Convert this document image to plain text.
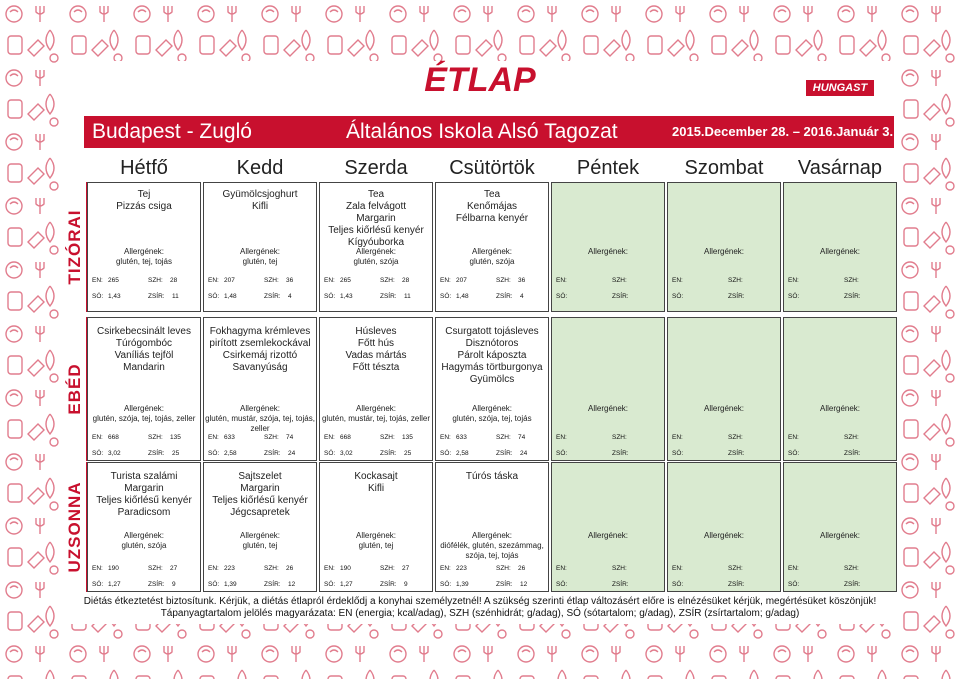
ÉTLAP	HUNGAST
Budapest - Zugló	Általános Iskola Alsó Tagozat	2015.December 28. – 2016.Január 3.
Hétfő	Kedd	Szerda	Csütörtök	Péntek	Szombat	Vasárnap
TIZÓRAI
Tej
Pizzás csiga
Allergének:
glutén, tej, tojás
EN: 265	SZH: 28
SÓ: 1,43	ZSÍR: 11
Gyümölcsjoghurt
Kifli
Allergének:
glutén, tej
EN: 207	SZH: 36
SÓ: 1,48	ZSÍR: 4
Tea
Zala felvágott
Margarin
Teljes kiőrlésű kenyér
Kígyóuborka
Allergének:
glutén, szója
EN: 265	SZH: 28
SÓ: 1,43	ZSÍR: 11
Tea
Kenőmájas
Félbarna kenyér
Allergének:
glutén, szója
EN: 207	SZH: 36
SÓ: 1,48	ZSÍR: 4
Allergének:
EN:	SZH:
SÓ:	ZSÍR:
Allergének:
EN:	SZH:
SÓ:	ZSÍR:
Allergének:
EN:	SZH:
SÓ:	ZSÍR:
EBÉD
Csirkebecsinált leves
Túrógombóc
Vaníliás tejföl
Mandarin
Allergének:
glutén, szója, tej, tojás, zeller
EN: 668	SZH: 135
SÓ: 3,02	ZSÍR: 25
Fokhagyma krémleves
pirított zsemlekockával
Csirkemáj rizottó
Savanyúság
Allergének:
glutén, mustár, szója, tej, tojás,
zeller
EN: 633	SZH: 74
SÓ: 2,58	ZSÍR: 24
Húsleves
Főtt hús
Vadas mártás
Főtt tészta
Allergének:
glutén, mustár, tej, tojás, zeller
EN: 668	SZH: 135
SÓ: 3,02	ZSÍR: 25
Csurgatott tojásleves
Disznótoros
Párolt káposzta
Hagymás törtburgonya
Gyümölcs
Allergének:
glutén, szója, tej, tojás
EN: 633	SZH: 74
SÓ: 2,58	ZSÍR: 24
Allergének:
EN:	SZH:
SÓ:	ZSÍR:
Allergének:
EN:	SZH:
SÓ:	ZSÍR:
Allergének:
EN:	SZH:
SÓ:	ZSÍR:
UZSONNA
Turista szalámi
Margarin
Teljes kiőrlésű kenyér
Paradicsom
Allergének:
glutén, szója
EN: 190	SZH: 27
SÓ: 1,27	ZSÍR: 9
Sajtszelet
Margarin
Teljes kiőrlésű kenyér
Jégcsapretek
Allergének:
glutén, tej
EN: 223	SZH: 26
SÓ: 1,39	ZSÍR: 12
Kockasajt
Kifli
Allergének:
glutén, tej
EN: 190	SZH: 27
SÓ: 1,27	ZSÍR: 9
Túrós táska
Allergének:
diófélék, glutén, szezámmag,
szója, tej, tojás
EN: 223	SZH: 26
SÓ: 1,39	ZSÍR: 12
Allergének:
EN:	SZH:
SÓ:	ZSÍR:
Allergének:
EN:	SZH:
SÓ:	ZSÍR:
Allergének:
EN:	SZH:
SÓ:	ZSÍR:
Diétás étkeztetést biztosítunk. Kérjük, a diétás étlapról érdeklődj a konyhai személyzetnél! A szükség szerinti étlap változásért előre is elnézésüket kérjük, megértésüket köszönjük!
Tápanyagtartalom jelölés magyarázata: EN (energia; kcal/adag), SZH (szénhidrát; g/adag), SÓ (sótartalom; g/adag), ZSÍR (zsírtartalom; g/adag)
